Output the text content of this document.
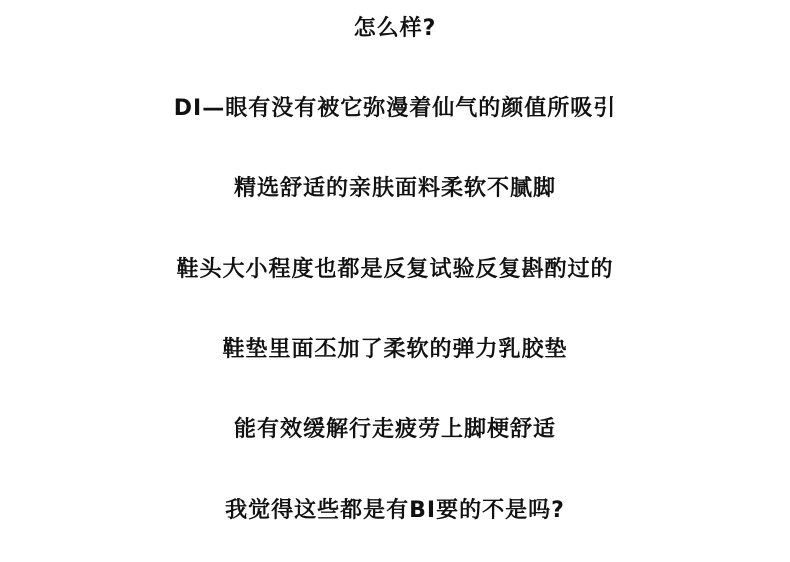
怎么样?
DI—眼有没有被它弥漫着仙气的颜值所吸引
精选舒适的亲肤面料柔软不腻脚
鞋头大小程度也都是反复试验反复斟酌过的
鞋垫里面丕加了柔软的弹力乳胶垫
能有效缓解行走疲劳上脚梗舒适
我觉得这些都是有BI要的不是吗?
